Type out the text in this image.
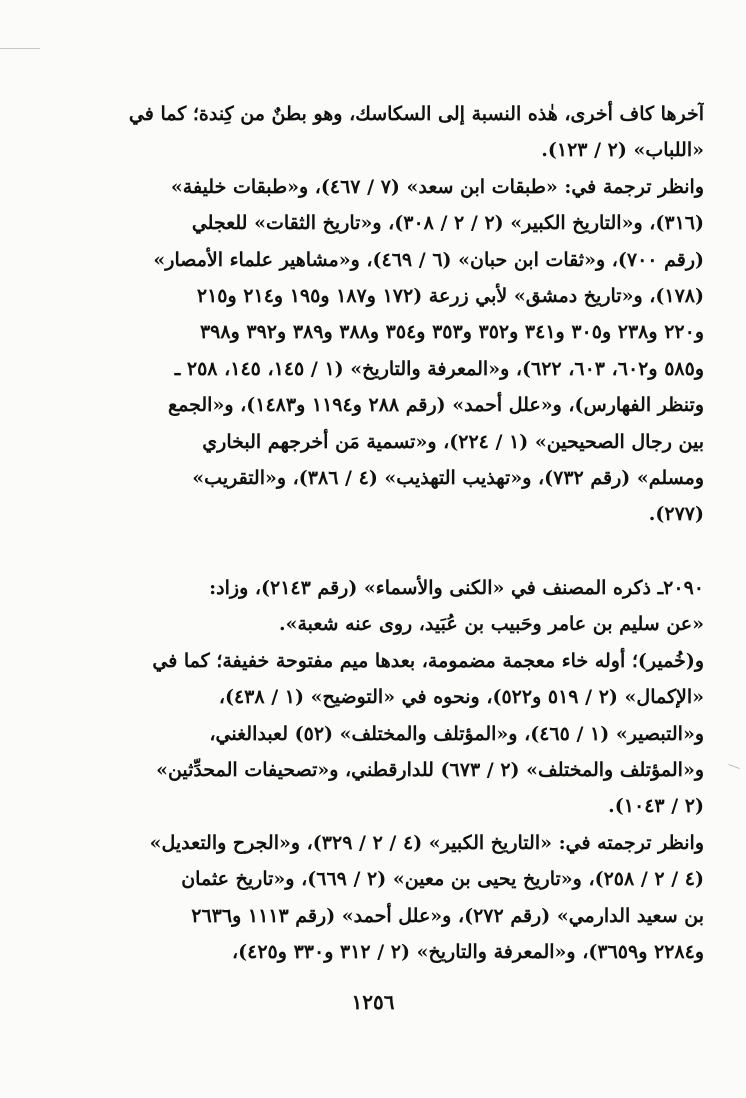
آخرها كاف أخرى، هٰذه النسبة إلى السكاسك، وهو بطنٌ من كِندة؛ كما في
«اللباب» (٢ / ١٢٣).
وانظر ترجمة في: «طبقات ابن سعد» (٧ / ٤٦٧)، و«طبقات خليفة»
(٣١٦)، و«التاريخ الكبير» (٢ / ٢ / ٣٠٨)، و«تاريخ الثقات» للعجلي
(رقم ٧٠٠)، و«ثقات ابن حبان» (٦ / ٤٦٩)، و«مشاهير علماء الأمصار»
(١٧٨)، و«تاريخ دمشق» لأبي زرعة (١٧٢ و١٨٧ و١٩٥ و٢١٤ و٢١٥
و٢٢٠ و٢٣٨ و٣٠٥ و٣٤١ و٣٥٢ و٣٥٣ و٣٥٤ و٣٨٨ و٣٨٩ و٣٩٢ و٣٩٨
و٥٨٥ و٦٠٢، ٦٠٣، ٦٢٢)، و«المعرفة والتاريخ» (١ / ١٤٥، ١٤٥، ٢٥٨ ـ
وتنظر الفهارس)، و«علل أحمد» (رقم ٢٨٨ و١١٩٤ و١٤٨٣)، و«الجمع
بين رجال الصحيحين» (١ / ٢٢٤)، و«تسمية مَن أخرجهم البخاري
ومسلم» (رقم ٧٣٢)، و«تهذيب التهذيب» (٤ / ٣٨٦)، و«التقريب»
(٢٧٧).
٢٠٩٠ـ ذكره المصنف في «الكنى والأسماء» (رقم ٢١٤٣)، وزاد:
«عن سليم بن عامر وحَبيب بن عُبَيد، روى عنه شعبة».
و(خُمير)؛ أوله خاء معجمة مضمومة، بعدها ميم مفتوحة خفيفة؛ كما في
«الإكمال» (٢ / ٥١٩ و٥٢٢)، ونحوه في «التوضيح» (١ / ٤٣٨)،
و«التبصير» (١ / ٤٦٥)، و«المؤتلف والمختلف» (٥٢) لعبدالغني،
و«المؤتلف والمختلف» (٢ / ٦٧٣) للدارقطني، و«تصحيفات المحدِّثين»
(٢ / ١٠٤٣).
وانظر ترجمته في: «التاريخ الكبير» (٤ / ٢ / ٣٢٩)، و«الجرح والتعديل»
(٤ / ٢ / ٢٥٨)، و«تاريخ يحيى بن معين» (٢ / ٦٦٩)، و«تاريخ عثمان
بن سعيد الدارمي» (رقم ٢٧٢)، و«علل أحمد» (رقم ١١١٣ و٢٦٣٦
و٢٢٨٤ و٣٦٥٩)، و«المعرفة والتاريخ» (٢ / ٣١٢ و٣٣٠ و٤٢٥)،
١٢٥٦
